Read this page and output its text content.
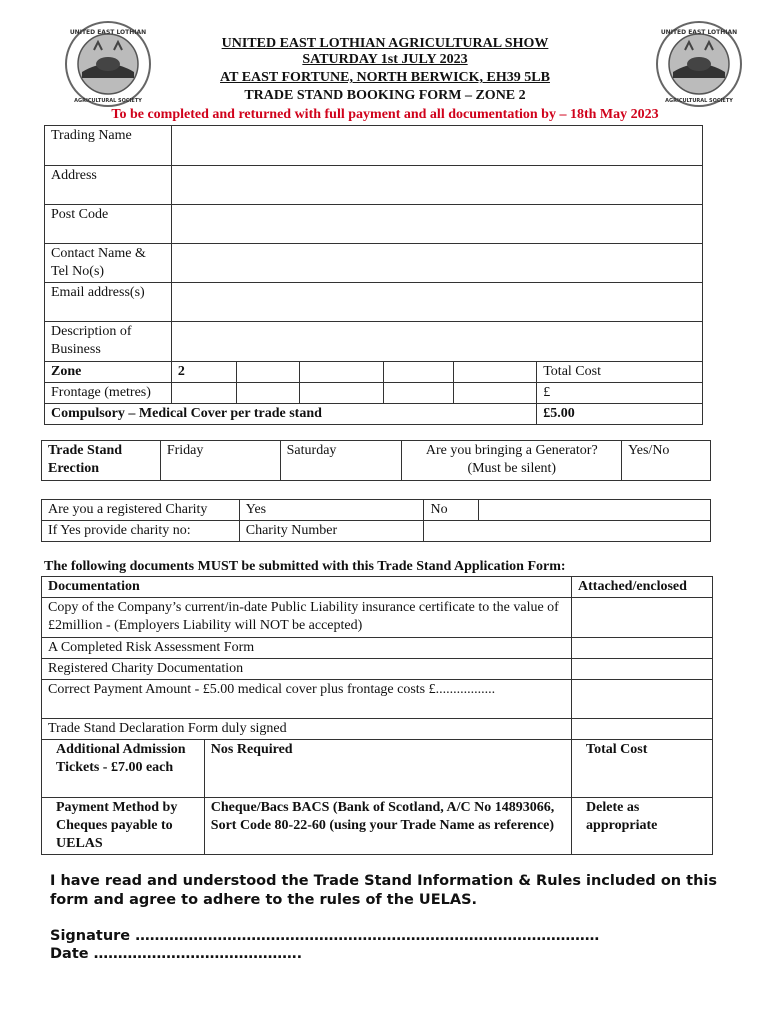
UNITED EAST LOTHIAN
AGRICULTURAL SOCIETY
UNITED EAST LOTHIAN
AGRICULTURAL SOCIETY
UNITED EAST LOTHIAN AGRICULTURAL SHOW
SATURDAY 1st JULY 2023
AT EAST FORTUNE, NORTH BERWICK, EH39 5LB
TRADE STAND BOOKING FORM – ZONE 2
To be completed and returned with full payment and all documentation by – 18th May 2023
Trading Name						
Address						
Post Code						
Contact Name & Tel No(s)						
Email address(s)						
Description of Business						
Zone	2					Total Cost
Frontage (metres)						£
Compulsory – Medical Cover per trade stand						£5.00
Trade Stand Erection	Friday	Saturday	Are you bringing a Generator? (Must be silent)	Yes/No
Are you a registered Charity	Yes	No	
If Yes provide charity no:	Charity Number		
The following documents MUST be submitted with this Trade Stand Application Form:
Documentation		Attached/enclosed
Copy of the Company’s current/in-date Public Liability insurance certificate to the value of £2million - (Employers Liability will NOT be accepted)		
A Completed Risk Assessment Form		
Registered Charity Documentation		
Correct Payment Amount - £5.00 medical cover plus frontage costs £.................		
Trade Stand Declaration Form duly signed		
Additional Admission Tickets - £7.00 each	Nos Required	Total Cost
Payment Method by Cheques payable to UELAS	Cheque/Bacs BACS (Bank of Scotland, A/C No 14893066, Sort Code 80-22-60 (using your Trade Name as reference)	Delete as appropriate
I have read and understood the Trade Stand Information & Rules included on this form and agree to adhere to the rules of the UELAS.
Signature ……………………………………………………………………………………
Date …………………………………….
